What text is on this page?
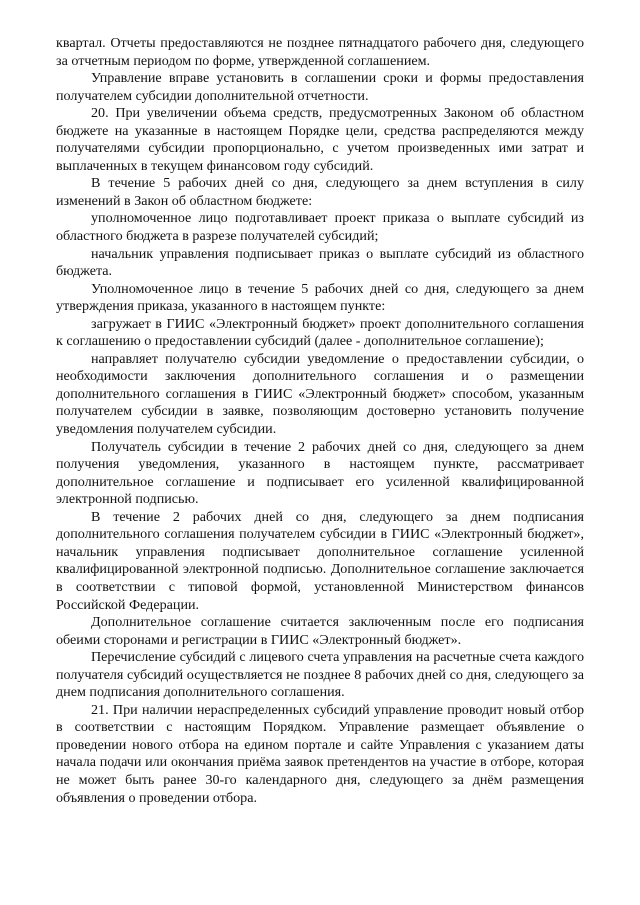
квартал. Отчеты предоставляются не позднее пятнадцатого рабочего дня, следующего за отчетным периодом по форме, утвержденной соглашением.

Управление вправе установить в соглашении сроки и формы предоставления получателем субсидии дополнительной отчетности.

20. При увеличении объема средств, предусмотренных Законом об областном бюджете на указанные в настоящем Порядке цели, средства распределяются между получателями субсидии пропорционально, с учетом произведенных ими затрат и выплаченных в текущем финансовом году субсидий.

В течение 5 рабочих дней со дня, следующего за днем вступления в силу изменений в Закон об областном бюджете:

уполномоченное лицо подготавливает проект приказа о выплате субсидий из областного бюджета в разрезе получателей субсидий;

начальник управления подписывает приказ о выплате субсидий из областного бюджета.

Уполномоченное лицо в течение 5 рабочих дней со дня, следующего за днем утверждения приказа, указанного в настоящем пункте:

загружает в ГИИС «Электронный бюджет» проект дополнительного соглашения к соглашению о предоставлении субсидий (далее - дополнительное соглашение);

направляет получателю субсидии уведомление о предоставлении субсидии, о необходимости заключения дополнительного соглашения и о размещении дополнительного соглашения в ГИИС «Электронный бюджет» способом, указанным получателем субсидии в заявке, позволяющим достоверно установить получение уведомления получателем субсидии.

Получатель субсидии в течение 2 рабочих дней со дня, следующего за днем получения уведомления, указанного в настоящем пункте, рассматривает дополнительное соглашение и подписывает его усиленной квалифицированной электронной подписью.

В течение 2 рабочих дней со дня, следующего за днем подписания дополнительного соглашения получателем субсидии в ГИИС «Электронный бюджет», начальник управления подписывает дополнительное соглашение усиленной квалифицированной электронной подписью. Дополнительное соглашение заключается в соответствии с типовой формой, установленной Министерством финансов Российской Федерации.

Дополнительное соглашение считается заключенным после его подписания обеими сторонами и регистрации в ГИИС «Электронный бюджет».

Перечисление субсидий с лицевого счета управления на расчетные счета каждого получателя субсидий осуществляется не позднее 8 рабочих дней со дня, следующего за днем подписания дополнительного соглашения.

21. При наличии нераспределенных субсидий управление проводит новый отбор в соответствии с настоящим Порядком. Управление размещает объявление о проведении нового отбора на едином портале и сайте Управления с указанием даты начала подачи или окончания приёма заявок претендентов на участие в отборе, которая не может быть ранее 30-го календарного дня, следующего за днём размещения объявления о проведении отбора.
